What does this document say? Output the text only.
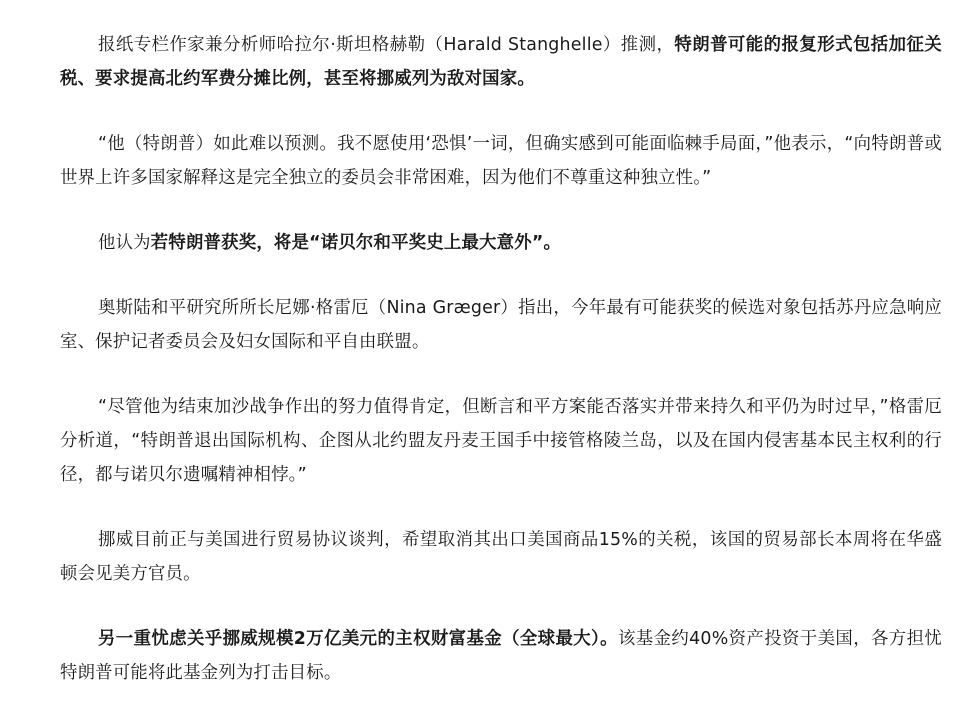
报纸专栏作家兼分析师哈拉尔·斯坦格赫勒（Harald Stanghelle）推测，特朗普可能的报复形式包括加征关税、要求提高北约军费分摊比例，甚至将挪威列为敌对国家。

“他（特朗普）如此难以预测。我不愿使用‘恐惧’一词，但确实感到可能面临棘手局面，”他表示，“向特朗普或世界上许多国家解释这是完全独立的委员会非常困难，因为他们不尊重这种独立性。”

他认为若特朗普获奖，将是“诺贝尔和平奖史上最大意外”。

奥斯陆和平研究所所长尼娜·格雷厄（Nina Græger）指出，今年最有可能获奖的候选对象包括苏丹应急响应室、保护记者委员会及妇女国际和平自由联盟。

“尽管他为结束加沙战争作出的努力值得肯定，但断言和平方案能否落实并带来持久和平仍为时过早，”格雷厄分析道，“特朗普退出国际机构、企图从北约盟友丹麦王国手中接管格陵兰岛，以及在国内侵害基本民主权利的行径，都与诺贝尔遗嘱精神相悖。”

挪威目前正与美国进行贸易协议谈判，希望取消其出口美国商品15%的关税，该国的贸易部长本周将在华盛顿会见美方官员。

另一重忧虑关乎挪威规模2万亿美元的主权财富基金（全球最大）。该基金约40%资产投资于美国，各方担忧特朗普可能将此基金列为打击目标。
